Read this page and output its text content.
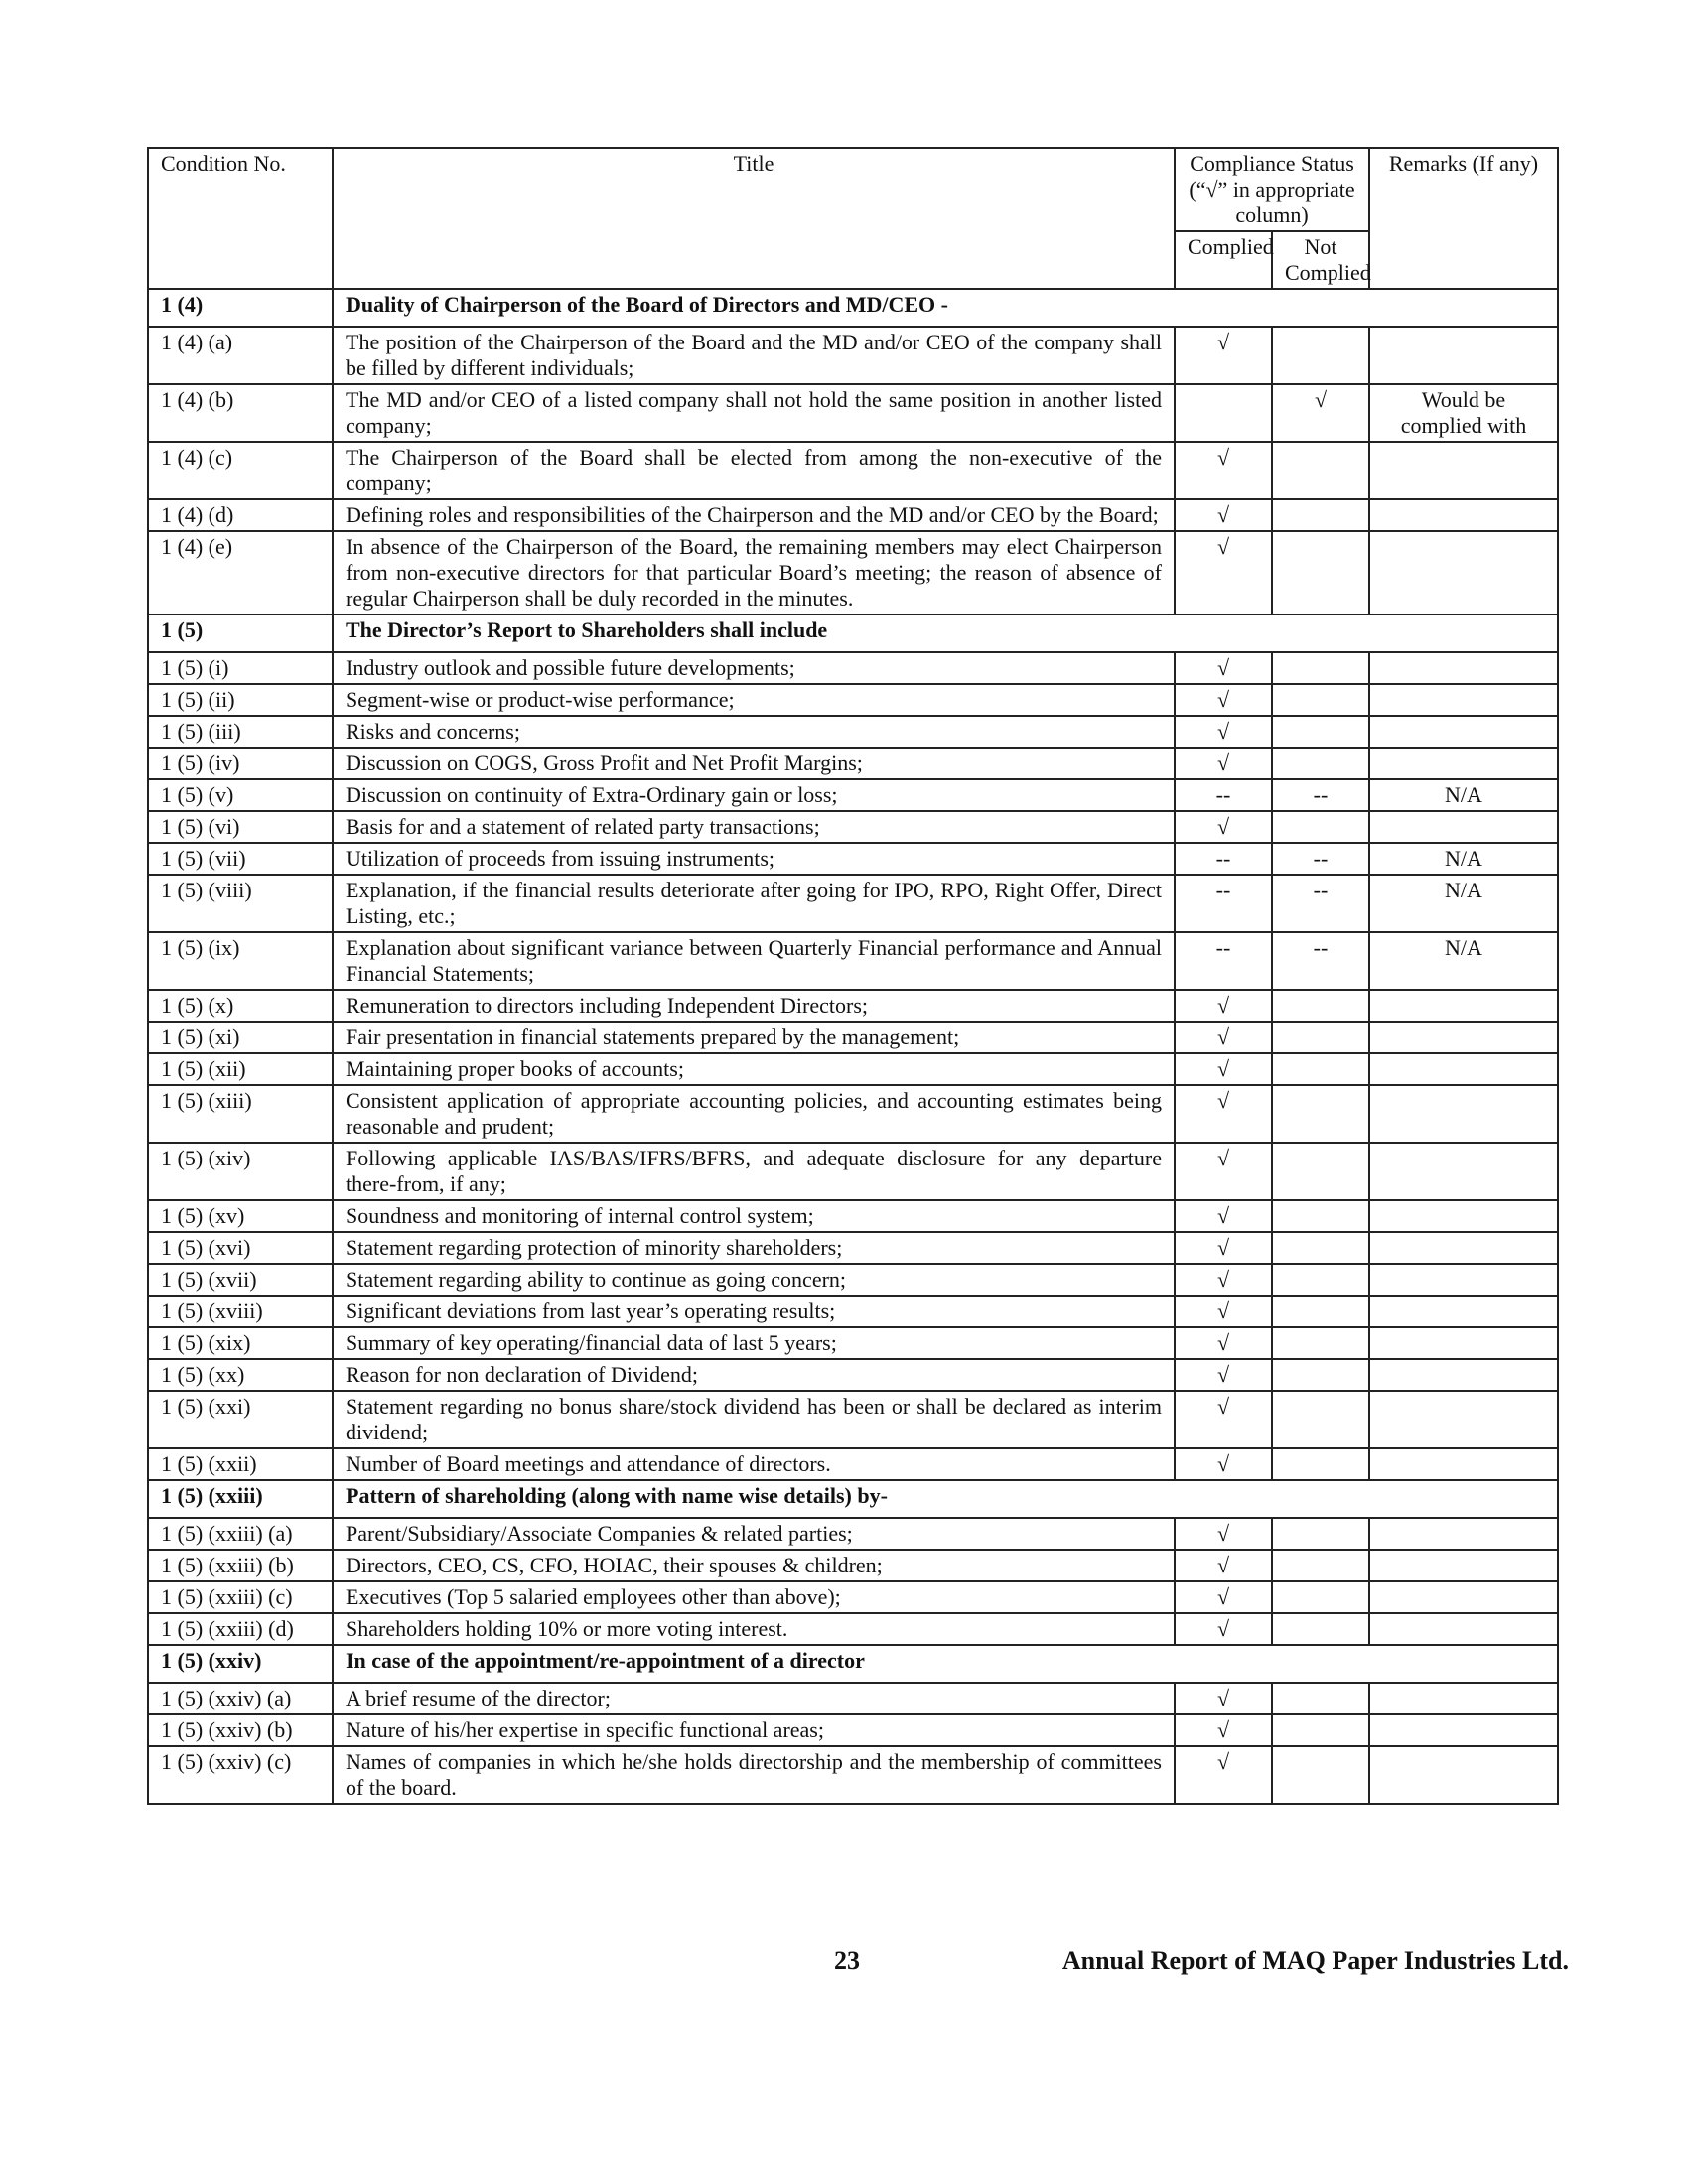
Condition No.	Title	Compliance Status (“√” in appropriate column)		Remarks (If any)
		Complied	Not Complied	
1 (4)	Duality of Chairperson of the Board of Directors and MD/CEO -			
1 (4) (a)	The position of the Chairperson of the Board and the MD and/or CEO of the company shall be filled by different individuals;	√		
1 (4) (b)	The MD and/or CEO of a listed company shall not hold the same position in another listed company;		√	Would be complied with
1 (4) (c)	The Chairperson of the Board shall be elected from among the non-executive of the company;	√		
1 (4) (d)	Defining roles and responsibilities of the Chairperson and the MD and/or CEO by the Board;	√		
1 (4) (e)	In absence of the Chairperson of the Board, the remaining members may elect Chairperson from non-executive directors for that particular Board’s meeting; the reason of absence of regular Chairperson shall be duly recorded in the minutes.	√		
1 (5)	The Director’s Report to Shareholders shall include			
1 (5) (i)	Industry outlook and possible future developments;	√		
1 (5) (ii)	Segment-wise or product-wise performance;	√		
1 (5) (iii)	Risks and concerns;	√		
1 (5) (iv)	Discussion on COGS, Gross Profit and Net Profit Margins;	√		
1 (5) (v)	Discussion on continuity of Extra-Ordinary gain or loss;	--	--	N/A
1 (5) (vi)	Basis for and a statement of related party transactions;	√		
1 (5) (vii)	Utilization of proceeds from issuing instruments;	--	--	N/A
1 (5) (viii)	Explanation, if the financial results deteriorate after going for IPO, RPO, Right Offer, Direct Listing, etc.;	--	--	N/A
1 (5) (ix)	Explanation about significant variance between Quarterly Financial performance and Annual Financial Statements;	--	--	N/A
1 (5) (x)	Remuneration to directors including Independent Directors;	√		
1 (5) (xi)	Fair presentation in financial statements prepared by the management;	√		
1 (5) (xii)	Maintaining proper books of accounts;	√		
1 (5) (xiii)	Consistent application of appropriate accounting policies, and accounting estimates being reasonable and prudent;	√		
1 (5) (xiv)	Following applicable IAS/BAS/IFRS/BFRS, and adequate disclosure for any departure there-from, if any;	√		
1 (5) (xv)	Soundness and monitoring of internal control system;	√		
1 (5) (xvi)	Statement regarding protection of minority shareholders;	√		
1 (5) (xvii)	Statement regarding ability to continue as going concern;	√		
1 (5) (xviii)	Significant deviations from last year’s operating results;	√		
1 (5) (xix)	Summary of key operating/financial data of last 5 years;	√		
1 (5) (xx)	Reason for non declaration of Dividend;	√		
1 (5) (xxi)	Statement regarding no bonus share/stock dividend has been or shall be declared as interim dividend;	√		
1 (5) (xxii)	Number of Board meetings and attendance of directors.	√		
1 (5) (xxiii)	Pattern of shareholding (along with name wise details) by-			
1 (5) (xxiii) (a)	Parent/Subsidiary/Associate Companies & related parties;	√		
1 (5) (xxiii) (b)	Directors, CEO, CS, CFO, HOIAC, their spouses & children;	√		
1 (5) (xxiii) (c)	Executives (Top 5 salaried employees other than above);	√		
1 (5) (xxiii) (d)	Shareholders holding 10% or more voting interest.	√		
1 (5) (xxiv)	In case of the appointment/re-appointment of a director			
1 (5) (xxiv) (a)	A brief resume of the director;	√		
1 (5) (xxiv) (b)	Nature of his/her expertise in specific functional areas;	√		
1 (5) (xxiv) (c)	Names of companies in which he/she holds directorship and the membership of committees of the board.	√		
23	Annual Report of MAQ Paper Industries Ltd.
